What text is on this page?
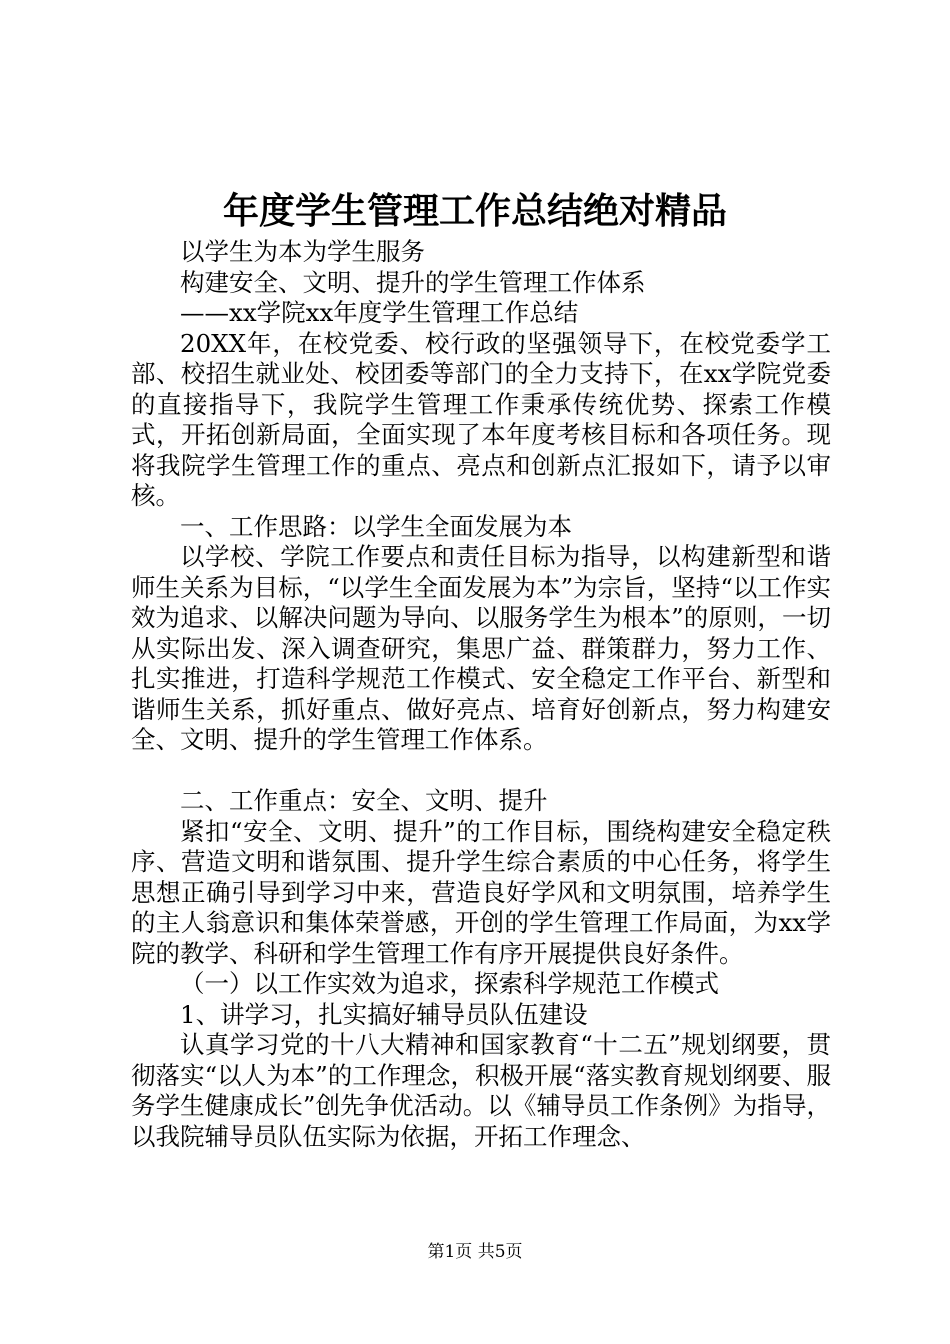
年度学生管理工作总结绝对精品

以学生为本为学生服务

构建安全、文明、提升的学生管理工作体系

——xx学院xx年度学生管理工作总结

20XX年，在校党委、校行政的坚强领导下，在校党委学工部、校招生就业处、校团委等部门的全力支持下，在xx学院党委的直接指导下，我院学生管理工作秉承传统优势、探索工作模式，开拓创新局面，全面实现了本年度考核目标和各项任务。现将我院学生管理工作的重点、亮点和创新点汇报如下，请予以审核。

一、工作思路：以学生全面发展为本

以学校、学院工作要点和责任目标为指导，以构建新型和谐师生关系为目标，“以学生全面发展为本”为宗旨，坚持“以工作实效为追求、以解决问题为导向、以服务学生为根本”的原则，一切从实际出发、深入调查研究，集思广益、群策群力，努力工作、扎实推进，打造科学规范工作模式、安全稳定工作平台、新型和谐师生关系，抓好重点、做好亮点、培育好创新点，努力构建安全、文明、提升的学生管理工作体系。

二、工作重点：安全、文明、提升

紧扣“安全、文明、提升”的工作目标，围绕构建安全稳定秩序、营造文明和谐氛围、提升学生综合素质的中心任务，将学生思想正确引导到学习中来，营造良好学风和文明氛围，培养学生的主人翁意识和集体荣誉感，开创的学生管理工作局面，为xx学院的教学、科研和学生管理工作有序开展提供良好条件。

（一）以工作实效为追求，探索科学规范工作模式

1、讲学习，扎实搞好辅导员队伍建设

认真学习党的十八大精神和国家教育“十二五”规划纲要，贯彻落实“以人为本”的工作理念，积极开展“落实教育规划纲要、服务学生健康成长”创先争优活动。以《辅导员工作条例》为指导，以我院辅导员队伍实际为依据，开拓工作理念、

第1页 共5页
